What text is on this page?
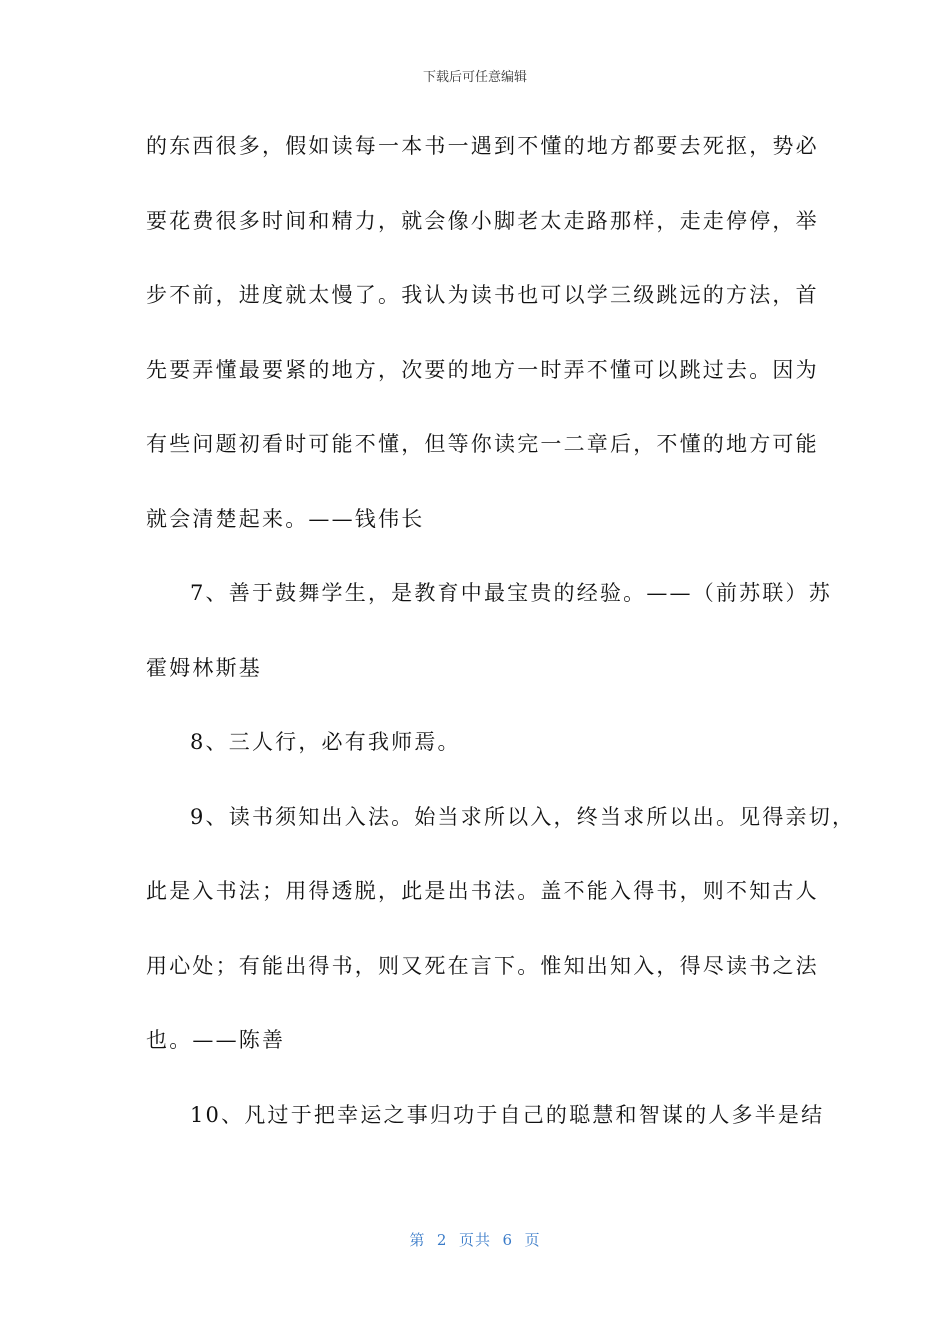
下载后可任意编辑
的东西很多，假如读每一本书一遇到不懂的地方都要去死抠，势必
要花费很多时间和精力，就会像小脚老太走路那样，走走停停，举
步不前，进度就太慢了。我认为读书也可以学三级跳远的方法，首
先要弄懂最要紧的地方，次要的地方一时弄不懂可以跳过去。因为
有些问题初看时可能不懂，但等你读完一二章后，不懂的地方可能
就会清楚起来。——钱伟长
7、善于鼓舞学生，是教育中最宝贵的经验。——（前苏联）苏
霍姆林斯基
8、三人行，必有我师焉。
9、读书须知出入法。始当求所以入，终当求所以出。见得亲切，
此是入书法；用得透脱，此是出书法。盖不能入得书，则不知古人
用心处；有能出得书，则又死在言下。惟知出知入，得尽读书之法
也。——陈善
10、凡过于把幸运之事归功于自己的聪慧和智谋的人多半是结
第  2  页共  6  页
